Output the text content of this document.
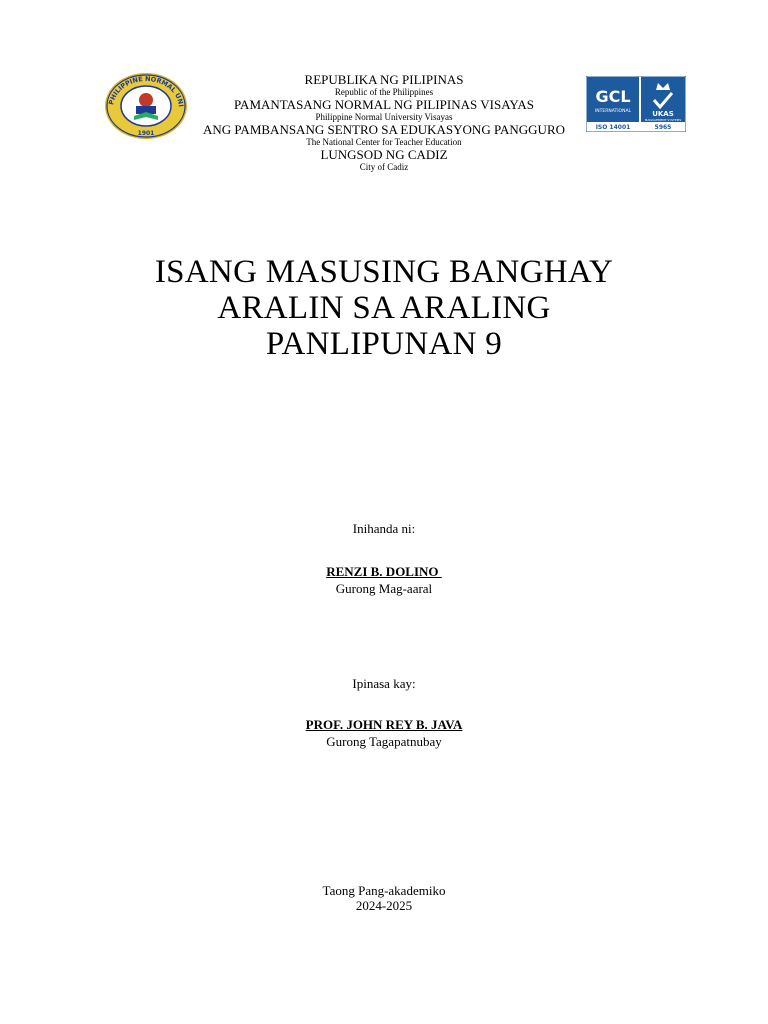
PHILIPPINE NORMAL UNI
1901
GCL
INTERNATIONAL	UKAS
MANAGEMENT SYSTEMS
ISO 14001	5965
REPUBLIKA NG PILIPINAS
Republic of the Philippines
PAMANTASANG NORMAL NG PILIPINAS VISAYAS
Philippine Normal University Visayas
ANG PAMBANSANG SENTRO SA EDUKASYONG PANGGURO
The National Center for Teacher Education
LUNGSOD NG CADIZ
City of Cadiz
ISANG MASUSING BANGHAY
ARALIN SA ARALING
PANLIPUNAN 9
Inihanda ni:
RENZI B. DOLINO
Gurong Mag-aaral
Ipinasa kay:
PROF. JOHN REY B. JAVA
Gurong Tagapatnubay
Taong Pang-akademiko
2024-2025
